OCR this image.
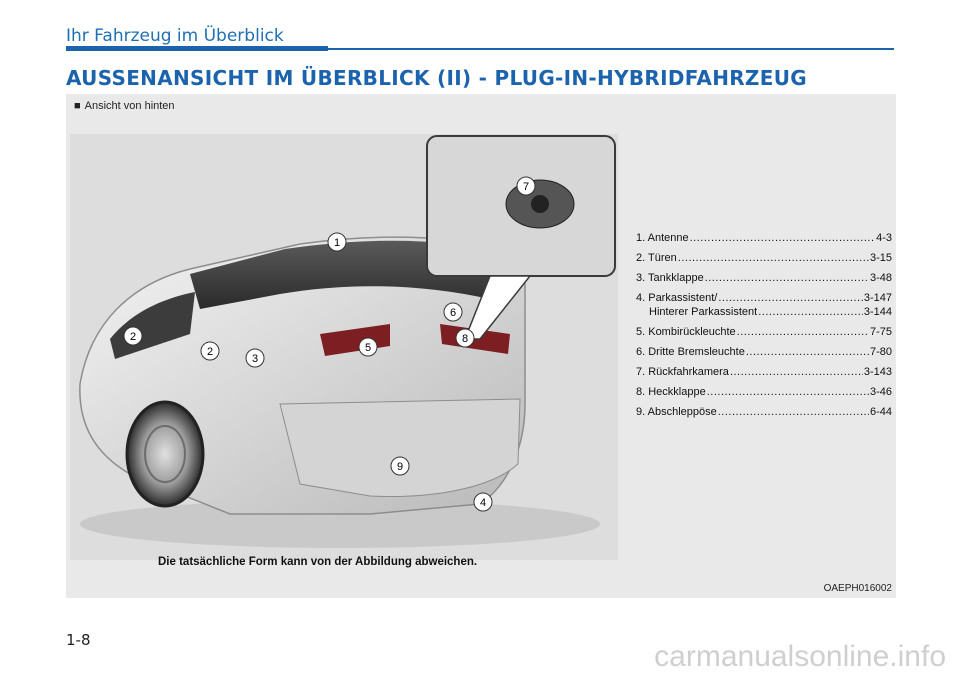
Ihr Fahrzeug im Überblick
AUSSENANSICHT IM ÜBERBLICK (II) - PLUG-IN-HYBRIDFAHRZEUG
■ Ansicht von hinten
1
2
2
3
4
5
6
7
8
9
Die tatsächliche Form kann von der Abbildung abweichen.
OAEPH016002
1. Antenne .....	4-3
2. Türen .....	3-15
3. Tankklappe .....	3-48
4. Parkassistent/ .....	3-147
Hinterer Parkassistent .....	3-144
5. Kombirückleuchte .....	7-75
6. Dritte Bremsleuchte .....	7-80
7. Rückfahrkamera .....	3-143
8. Heckklappe .....	3-46
9. Abschleppöse .....	6-44
1-8	carmanualsonline.info
